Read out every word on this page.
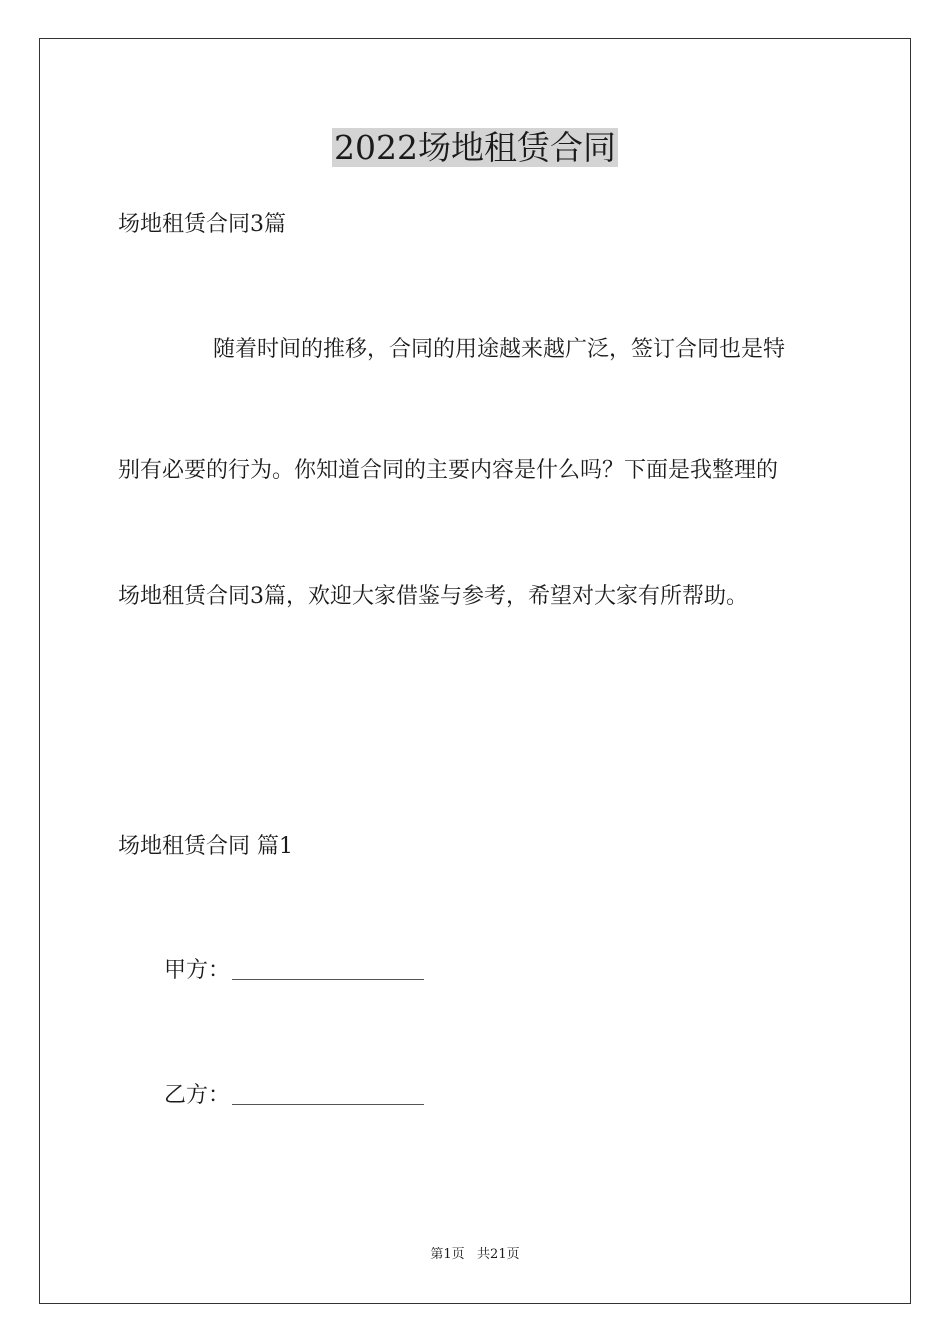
2022场地租赁合同

场地租赁合同3篇

随着时间的推移，合同的用途越来越广泛，签订合同也是特

别有必要的行为。你知道合同的主要内容是什么吗？下面是我整理的

场地租赁合同3篇，欢迎大家借鉴与参考，希望对大家有所帮助。

场地租赁合同 篇1

甲方：
乙方：
第1页   共21页
